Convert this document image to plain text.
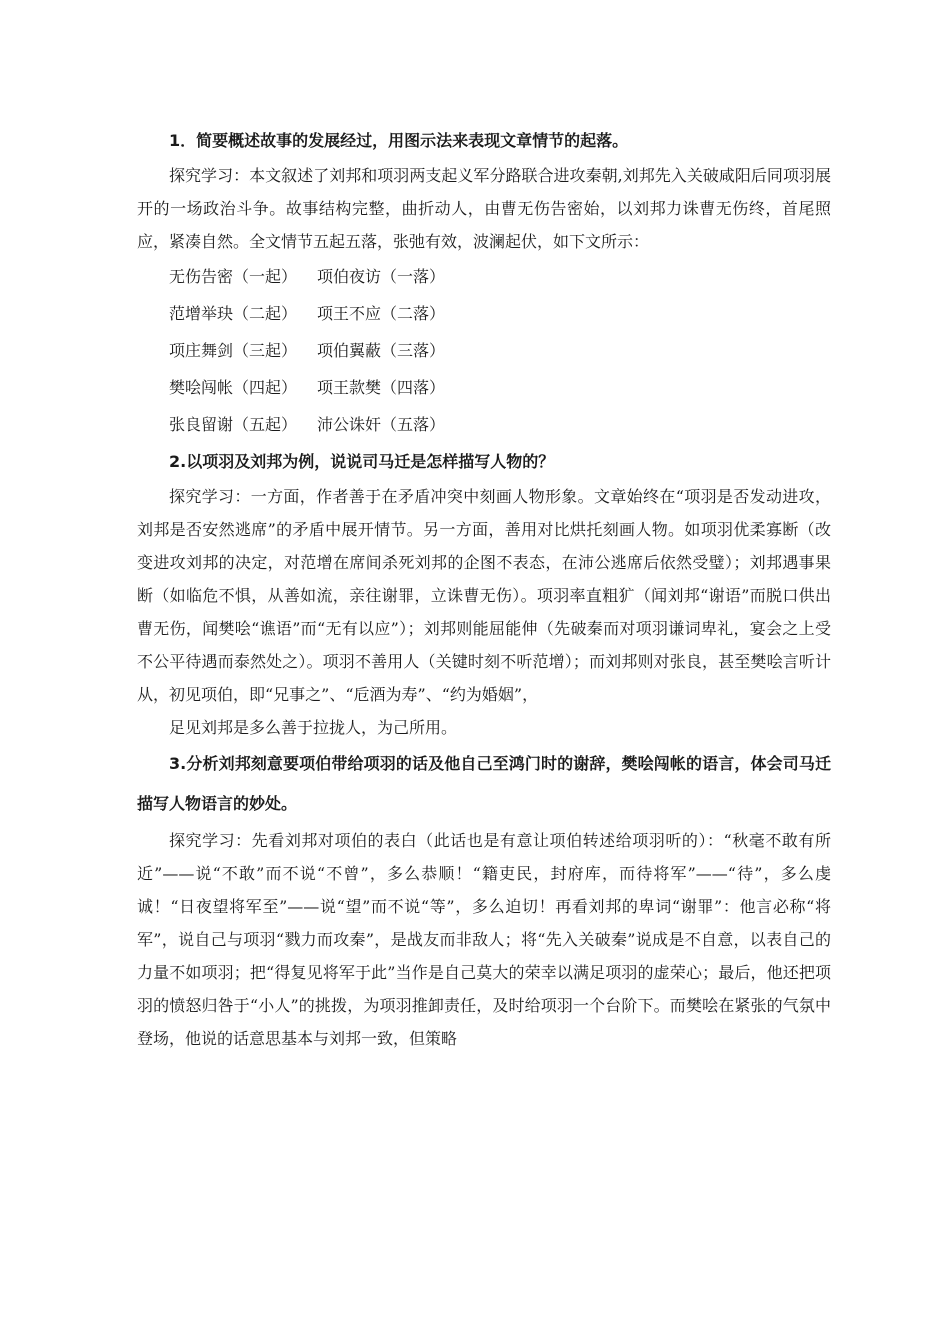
1．简要概述故事的发展经过，用图示法来表现文章情节的起落。

探究学习：本文叙述了刘邦和项羽两支起义军分路联合进攻秦朝,刘邦先入关破咸阳后同项羽展开的一场政治斗争。故事结构完整，曲折动人，由曹无伤告密始，以刘邦力诛曹无伤终，首尾照应，紧凑自然。全文情节五起五落，张弛有效，波澜起伏，如下文所示：

无伤告密（一起） 项伯夜访（一落）
范增举玦（二起） 项王不应（二落）
项庄舞剑（三起） 项伯翼蔽（三落）
樊哙闯帐（四起） 项王款樊（四落）
张良留谢（五起） 沛公诛奸（五落）

2.以项羽及刘邦为例，说说司马迁是怎样描写人物的？

探究学习：一方面，作者善于在矛盾冲突中刻画人物形象。文章始终在“项羽是否发动进攻，刘邦是否安然逃席”的矛盾中展开情节。另一方面，善用对比烘托刻画人物。如项羽优柔寡断（改变进攻刘邦的决定，对范增在席间杀死刘邦的企图不表态，在沛公逃席后依然受璧）；刘邦遇事果断（如临危不惧，从善如流，亲往谢罪，立诛曹无伤）。项羽率直粗犷（闻刘邦“谢语”而脱口供出曹无伤，闻樊哙“谯语”而“无有以应”）；刘邦则能屈能伸（先破秦而对项羽谦词卑礼，宴会之上受不公平待遇而泰然处之）。项羽不善用人（关键时刻不听范增）；而刘邦则对张良，甚至樊哙言听计从，初见项伯，即“兄事之”、“卮酒为寿”、“约为婚姻”，

足见刘邦是多么善于拉拢人，为己所用。

3.分析刘邦刻意要项伯带给项羽的话及他自己至鸿门时的谢辞，樊哙闯帐的语言，体会司马迁描写人物语言的妙处。

探究学习：先看刘邦对项伯的表白（此话也是有意让项伯转述给项羽听的）：“秋毫不敢有所近”——说“不敢”而不说“不曾”，多么恭顺！“籍吏民，封府库，而待将军”——“待”，多么虔诚！“日夜望将军至”——说“望”而不说“等”，多么迫切！再看刘邦的卑词“谢罪”：他言必称“将军”，说自己与项羽“戮力而攻秦”，是战友而非敌人；将“先入关破秦”说成是不自意，以表自己的力量不如项羽；把“得复见将军于此”当作是自己莫大的荣幸以满足项羽的虚荣心；最后，他还把项羽的愤怒归咎于“小人”的挑拨，为项羽推卸责任，及时给项羽一个台阶下。而樊哙在紧张的气氛中登场，他说的话意思基本与刘邦一致，但策略
